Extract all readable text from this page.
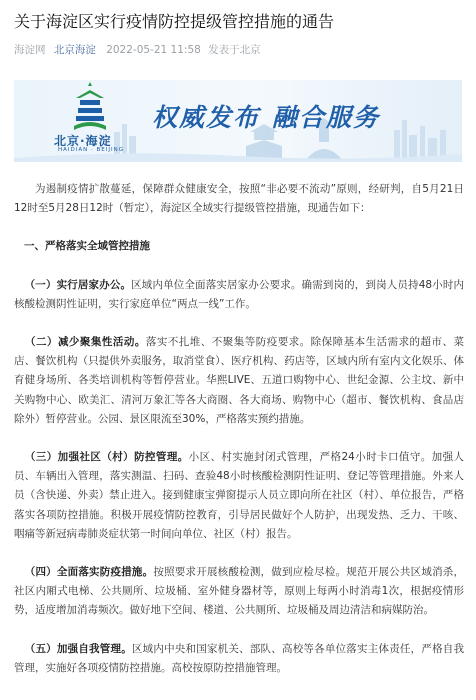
关于海淀区实行疫情防控提级管控措施的通告
海淀网 北京海淀 2022-05-21 11:58 发表于北京
北京·海淀
HAIDIAN · BEIJING
权威发布 融合服务

为遏制疫情扩散蔓延，保障群众健康安全，按照“非必要不流动”原则，经研判，自5月21日12时至5月28日12时（暂定），海淀区全域实行提级管控措施，现通告如下：

一、严格落实全域管控措施

 （一）实行居家办公。区域内单位全面落实居家办公要求。确需到岗的，到岗人员持48小时内核酸检测阴性证明，实行家庭单位“两点一线”工作。

 （二）减少聚集性活动。落实不扎堆、不聚集等防疫要求。除保障基本生活需求的超市、菜店、餐饮机构（只提供外卖服务，取消堂食）、医疗机构、药店等，区域内所有室内文化娱乐、体育健身场所、各类培训机构等暂停营业。华熙LIVE、五道口购物中心、世纪金源、公主坟、新中关购物中心、欧美汇、清河万象汇等各大商圈、各大商场、购物中心（超市、餐饮机构、食品店除外）暂停营业。公园、景区限流至30%，严格落实预约措施。

 （三）加强社区（村）防控管理。小区、村实施封闭式管理，严格24小时卡口值守。加强人员、车辆出入管理，落实测温、扫码、查验48小时核酸检测阴性证明、登记等管理措施。外来人员（含快递、外卖）禁止进入。接到健康宝弹窗提示人员立即向所在社区（村）、单位报告，严格落实各项防控措施。积极开展疫情防控教育，引导居民做好个人防护，出现发热、乏力、干咳、咽痛等新冠病毒肺炎症状第一时间向单位、社区（村）报告。

 （四）全面落实防疫措施。按照要求开展核酸检测，做到应检尽检。规范开展公共区域消杀，社区内厢式电梯、公共厕所、垃圾桶、室外健身器材等，原则上每两小时消毒1次，根据疫情形势，适度增加消毒频次。做好地下空间、楼道、公共厕所、垃圾桶及周边清洁和病媒防治。

 （五）加强自我管理。区域内中央和国家机关、部队、高校等各单位落实主体责任，严格自我管理，实施好各项疫情防控措施。高校按原防控措施管理。
